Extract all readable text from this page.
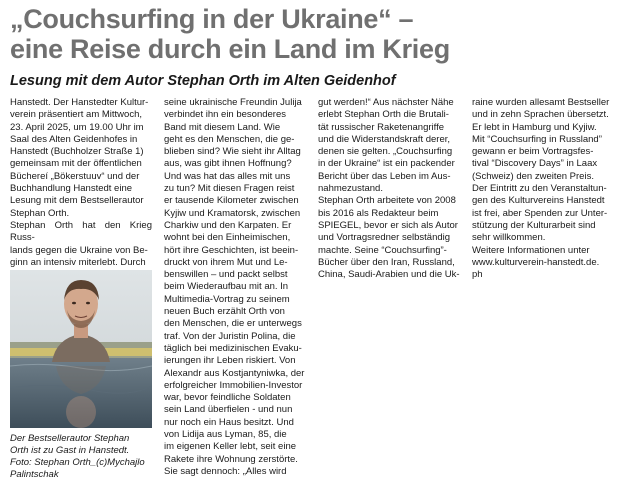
„Couchsurfing in der Ukraine“ –
eine Reise durch ein Land im Krieg
Lesung mit dem Autor Stephan Orth im Alten Geidenhof

Hanstedt. Der Hanstedter Kultur-

verein präsentiert am Mittwoch,

23. April 2025, um 19.00 Uhr im

Saal des Alten Geidenhofes in

Hanstedt (Buchholzer Straße 1)

gemeinsam mit der öffentlichen

Büchereí „Bökerstuuv“ und der

Buchhandlung Hanstedt eine

Lesung mit dem Bestsellerautor

Stephan Orth.

Stephan Orth hat den Krieg Russ-

lands gegen die Ukraine von Be-

ginn an intensiv miterlebt. Durch

Der Bestsellerautor Stephan

Orth ist zu Gast in Hanstedt.

Foto: Stephan Orth_(c)Mychajlo

Palintschak

seine ukrainische Freundin Julija

verbindet ihn ein besonderes

Band mit diesem Land. Wie

geht es den Menschen, die ge-

blieben sind? Wie sieht ihr Alltag

aus, was gibt ihnen Hoffnung?

Und was hat das alles mit uns

zu tun? Mit diesen Fragen reist

er tausende Kilometer zwischen

Kyjiw und Kramatorsk, zwischen

Charkiw und den Karpaten. Er

wohnt bei den Einheimischen,

hört ihre Geschichten, ist beein-

druckt von ihrem Mut und Le-

benswillen – und packt selbst

beim Wiederaufbau mit an. In

Multimedia-Vortrag zu seinem

neuen Buch erzählt Orth von

den Menschen, die er unterwegs

traf. Von der Juristin Polina, die

täglich bei medizinischen Evaku-

ierungen ihr Leben riskiert. Von

Alexandr aus Kostjantyniwka, der

erfolgreicher Immobilien-Investor

war, bevor feindliche Soldaten

sein Land überfielen - und nun

nur noch ein Haus besitzt. Und

von Lidija aus Lyman, 85, die

im eigenen Keller lebt, seit eine

Rakete ihre Wohnung zerstörte.

Sie sagt dennoch: „Alles wird

gut werden!“ Aus nächster Nähe

erlebt Stephan Orth die Brutali-

tät russischer Raketenangriffe

und die Widerstandskraft derer,

denen sie gelten. „Couchsurfing

in der Ukraine“ ist ein packender

Bericht über das Leben im Aus-

nahmezustand.

Stephan Orth arbeitete von 2008

bis 2016 als Redakteur beim

SPIEGEL, bevor er sich als Autor

und Vortragsredner selbständig

machte. Seine “Couchsurfing”-

Bücher über den Iran, Russland,

China, Saudi-Arabien und die Uk-

raine wurden allesamt Bestseller

und in zehn Sprachen übersetzt.

Er lebt in Hamburg und Kyjiw.

Mit “Couchsurfing in Russland”

gewann er beim Vortragsfes-

tival “Discovery Days” in Laax

(Schweiz) den zweiten Preis.

Der Eintritt zu den Veranstaltun-

gen des Kulturvereins Hanstedt

ist frei, aber Spenden zur Unter-

stützung der Kulturarbeit sind

sehr willkommen.

Weitere Informationen unter

www.kulturverein-hanstedt.de.

ph
